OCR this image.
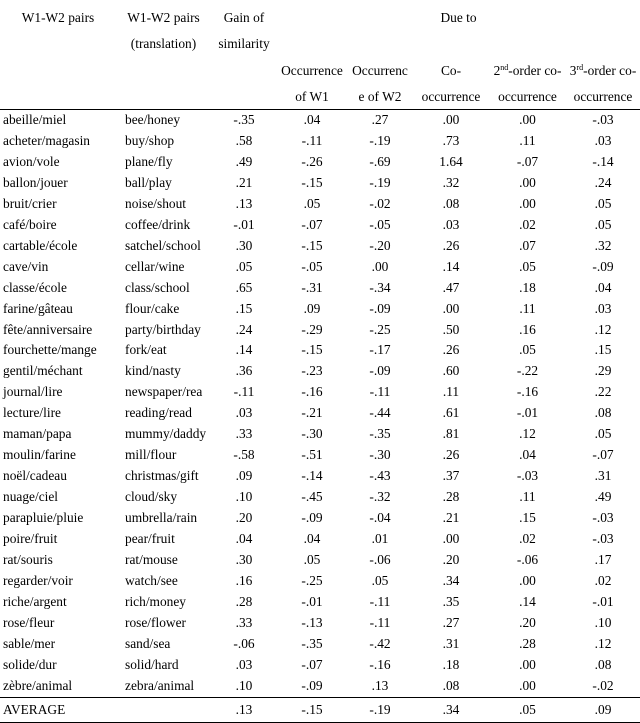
W1-W2 pairs	W1-W2 pairs	Gain of	Due to				

	(translation)	similarity					

			Occurrence	Occurrenc	Co-	2nd-order co-	3rd-order co-

			of W1	e of W2	occurrence	occurrence	occurrence

abeille/miel	bee/honey	-.35	.04	.27	.00	.00	-.03
acheter/magasin	buy/shop	.58	-.11	-.19	.73	.11	.03
avion/vole	plane/fly	.49	-.26	-.69	1.64	-.07	-.14
ballon/jouer	ball/play	.21	-.15	-.19	.32	.00	.24
bruit/crier	noise/shout	.13	.05	-.02	.08	.00	.05
café/boire	coffee/drink	-.01	-.07	-.05	.03	.02	.05
cartable/école	satchel/school	.30	-.15	-.20	.26	.07	.32
cave/vin	cellar/wine	.05	-.05	.00	.14	.05	-.09
classe/école	class/school	.65	-.31	-.34	.47	.18	.04
farine/gâteau	flour/cake	.15	.09	-.09	.00	.11	.03
fête/anniversaire	party/birthday	.24	-.29	-.25	.50	.16	.12
fourchette/mange	fork/eat	.14	-.15	-.17	.26	.05	.15
gentil/méchant	kind/nasty	.36	-.23	-.09	.60	-.22	.29
journal/lire	newspaper/rea	-.11	-.16	-.11	.11	-.16	.22
lecture/lire	reading/read	.03	-.21	-.44	.61	-.01	.08
maman/papa	mummy/daddy	.33	-.30	-.35	.81	.12	.05
moulin/farine	mill/flour	-.58	-.51	-.30	.26	.04	-.07
noël/cadeau	christmas/gift	.09	-.14	-.43	.37	-.03	.31
nuage/ciel	cloud/sky	.10	-.45	-.32	.28	.11	.49
parapluie/pluie	umbrella/rain	.20	-.09	-.04	.21	.15	-.03
poire/fruit	pear/fruit	.04	.04	.01	.00	.02	-.03
rat/souris	rat/mouse	.30	.05	-.06	.20	-.06	.17
regarder/voir	watch/see	.16	-.25	.05	.34	.00	.02
riche/argent	rich/money	.28	-.01	-.11	.35	.14	-.01
rose/fleur	rose/flower	.33	-.13	-.11	.27	.20	.10
sable/mer	sand/sea	-.06	-.35	-.42	.31	.28	.12
solide/dur	solid/hard	.03	-.07	-.16	.18	.00	.08
zèbre/animal	zebra/animal	.10	-.09	.13	.08	.00	-.02
AVERAGE		.13	-.15	-.19	.34	.05	.09
